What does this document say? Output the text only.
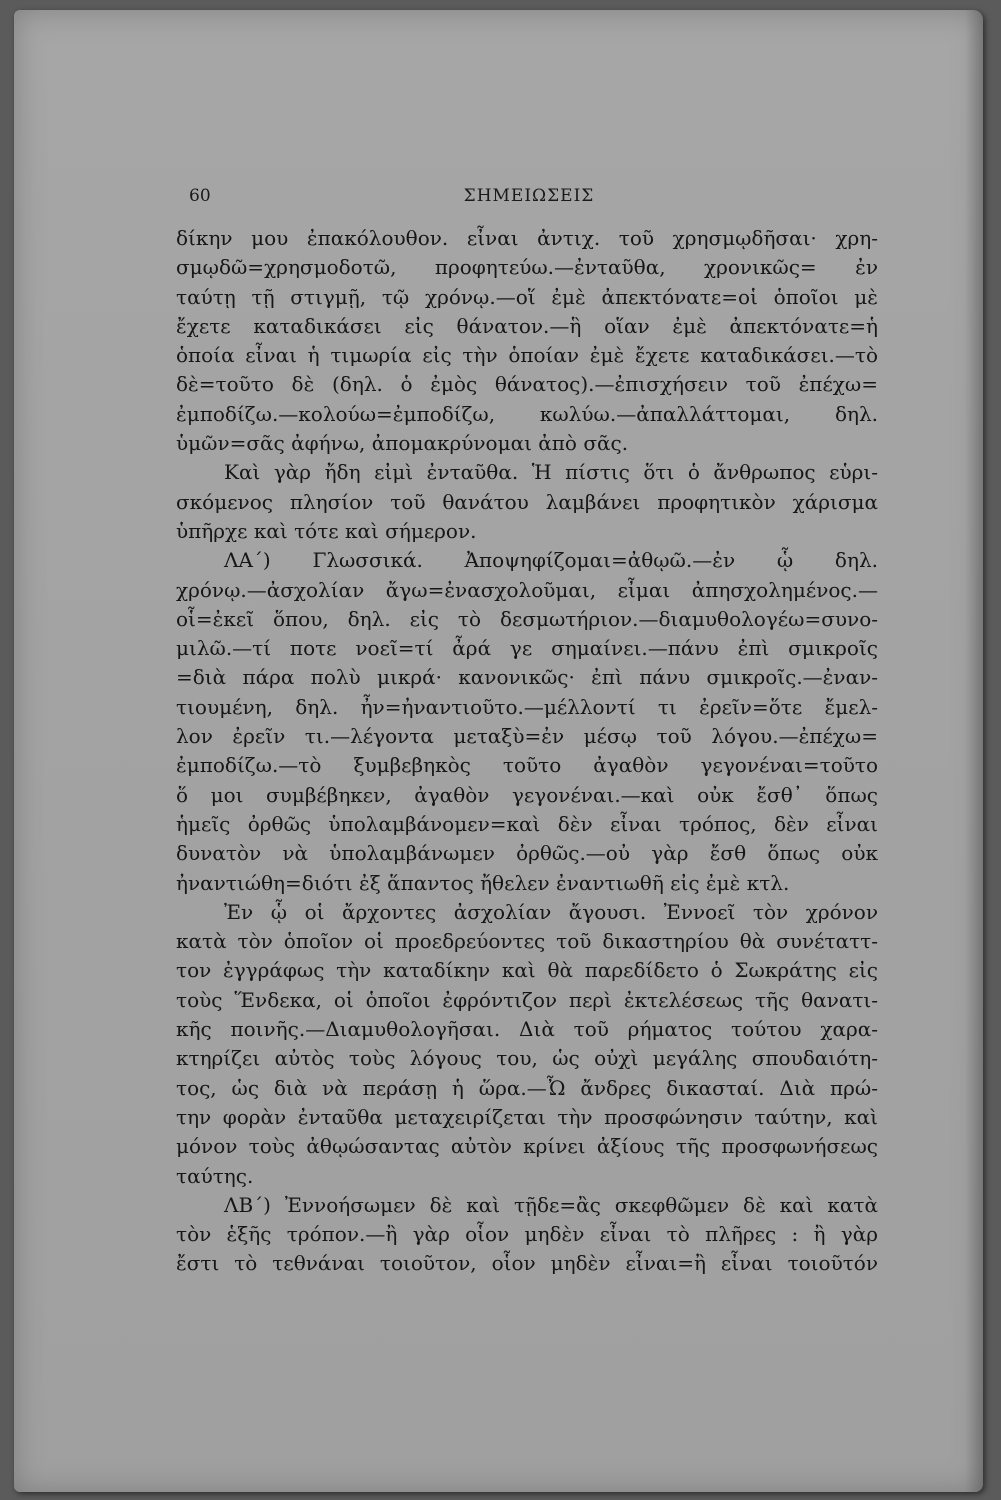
60	ΣΗΜΕΙΩΣΕΙΣ
δίκην μου ἐπακόλουθον. εἶναι ἀντιχ. τοῦ χρησμῳδῆσαι· χρη-
σμῳδῶ=χρησμοδοτῶ, προφητεύω.—ἐνταῦθα, χρονικῶς= ἐν
ταύτῃ τῇ στιγμῇ, τῷ χρόνῳ.—οἵ ἐμὲ ἀπεκτόνατε=οἱ ὁποῖοι μὲ
ἔχετε καταδικάσει εἰς θάνατον.—ἣ οἵαν ἐμὲ ἀπεκτόνατε=ἡ
ὁποία εἶναι ἡ τιμωρία εἰς τὴν ὁποίαν ἐμὲ ἔχετε καταδικάσει.—τὸ
δὲ=τοῦτο δὲ (δηλ. ὁ ἐμὸς θάνατος).—ἐπισχήσειν τοῦ ἐπέχω=
ἐμποδίζω.—κολούω=ἐμποδίζω, κωλύω.—ἀπαλλάττομαι, δηλ.
ὑμῶν=σᾶς ἀφήνω, ἀπομακρύνομαι ἀπὸ σᾶς.
Καὶ γὰρ ἤδη εἰμὶ ἐνταῦθα. Ἡ πίστις ὅτι ὁ ἄνθρωπος εὑρι-
σκόμενος πλησίον τοῦ θανάτου λαμβάνει προφητικὸν χάρισμα
ὑπῆρχε καὶ τότε καὶ σήμερον.
ΛΑ΄) Γλωσσικά. Ἀποψηφίζομαι=ἀθῳῶ.—ἐν ᾧ δηλ.
χρόνῳ.—ἀσχολίαν ἄγω=ἐνασχολοῦμαι, εἶμαι ἀπησχολημένος.—
οἷ=ἐκεῖ ὅπου, δηλ. εἰς τὸ δεσμωτήριον.—διαμυθολογέω=συνο-
μιλῶ.—τί ποτε νοεῖ=τί ἆρά γε σημαίνει.—πάνυ ἐπὶ σμικροῖς
=διὰ πάρα πολὺ μικρά· κανονικῶς· ἐπὶ πάνυ σμικροῖς.—ἐναν-
τιουμένη, δηλ. ἦν=ἠναντιοῦτο.—μέλλοντί τι ἐρεῖν=ὅτε ἔμελ-
λον ἐρεῖν τι.—λέγοντα μεταξὺ=ἐν μέσῳ τοῦ λόγου.—ἐπέχω=
ἐμποδίζω.—τὸ ξυμβεβηκὸς τοῦτο ἀγαθὸν γεγονέναι=τοῦτο
ὅ μοι συμβέβηκεν, ἀγαθὸν γεγονέναι.—καὶ οὐκ ἔσθ᾽ ὅπως
ἡμεῖς ὀρθῶς ὑπολαμβάνομεν=καὶ δὲν εἶναι τρόπος, δὲν εἶναι
δυνατὸν νὰ ὑπολαμβάνωμεν ὀρθῶς.—οὐ γὰρ ἔσθ ὅπως οὐκ
ἠναντιώθη=διότι ἐξ ἅπαντος ἤθελεν ἐναντιωθῆ εἰς ἐμὲ κτλ.
Ἐν ᾧ οἱ ἄρχοντες ἀσχολίαν ἄγουσι. Ἐννοεῖ τὸν χρόνον
κατὰ τὸν ὁποῖον οἱ προεδρεύοντες τοῦ δικαστηρίου θὰ συνέταττ-
τον ἐγγράφως τὴν καταδίκην καὶ θὰ παρεδίδετο ὁ Σωκράτης εἰς
τοὺς Ἕνδεκα, οἱ ὁποῖοι ἐφρόντιζον περὶ ἐκτελέσεως τῆς θανατι-
κῆς ποινῆς.—Διαμυθολογῆσαι. Διὰ τοῦ ρήματος τούτου χαρα-
κτηρίζει αὐτὸς τοὺς λόγους του, ὡς οὐχὶ μεγάλης σπουδαιότη-
τος, ὡς διὰ νὰ περάσῃ ἡ ὥρα.—Ὦ ἄνδρες δικασταί. Διὰ πρώ-
την φορὰν ἐνταῦθα μεταχειρίζεται τὴν προσφώνησιν ταύτην, καὶ
μόνον τοὺς ἀθῳώσαντας αὐτὸν κρίνει ἀξίους τῆς προσφωνήσεως
ταύτης.
ΛΒ΄) Ἐννοήσωμεν δὲ καὶ τῇδε=ἂς σκεφθῶμεν δὲ καὶ κατὰ
τὸν ἑξῆς τρόπον.—ἢ γὰρ οἷον μηδὲν εἶναι τὸ πλῆρες : ἢ γὰρ
ἔστι τὸ τεθνάναι τοιοῦτον, οἷον μηδὲν εἶναι=ἢ εἶναι τοιοῦτόν
